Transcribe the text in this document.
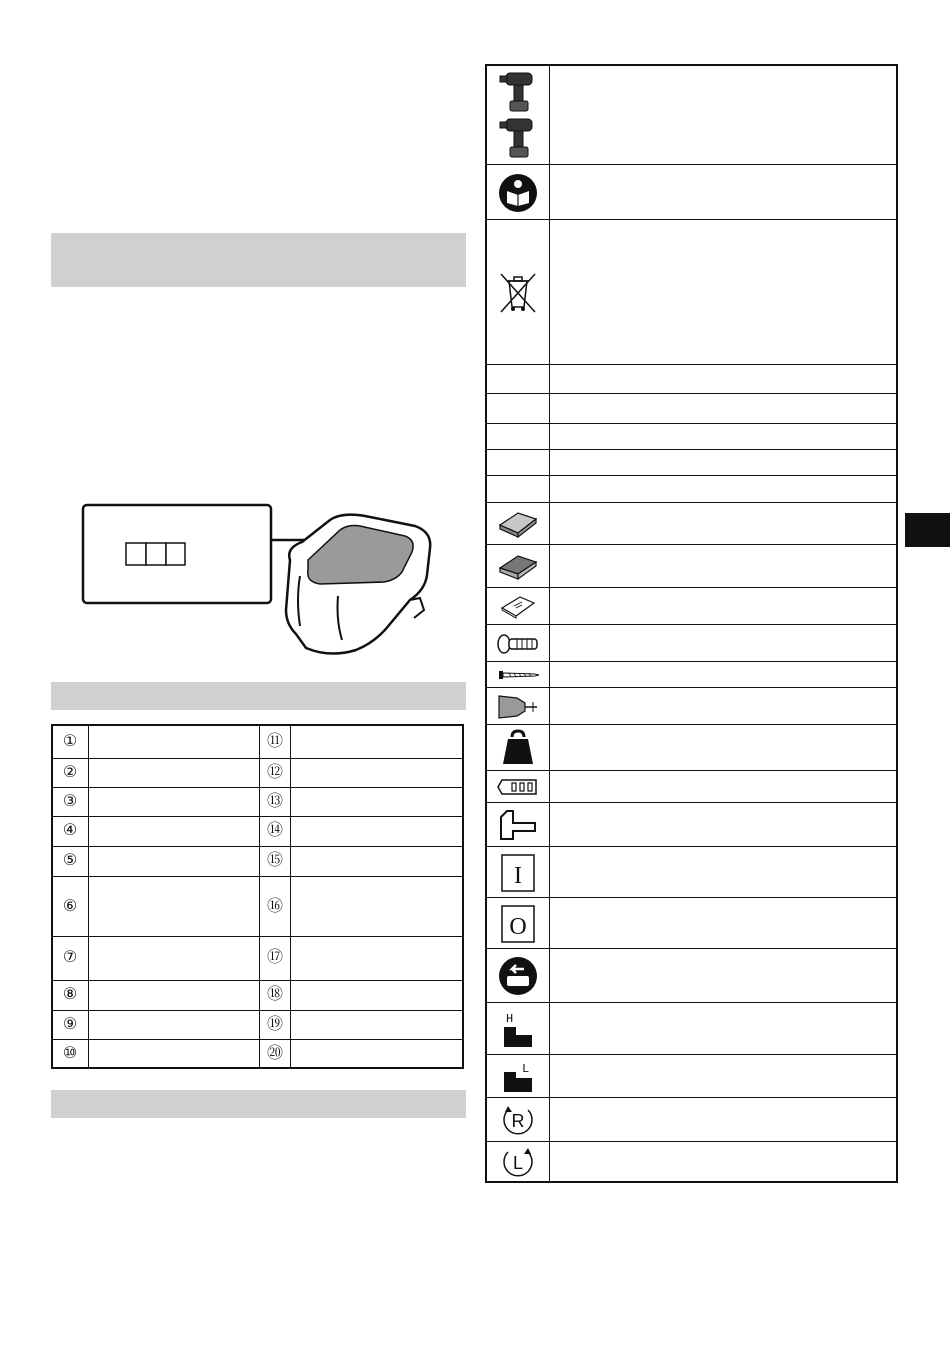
①	⑪
②	⑫
③	⑬
④	⑭
⑤	⑮
⑥	⑯
⑦	⑰
⑧	⑱
⑨	⑲
⑩	⑳
I
O
H
L
R
L
